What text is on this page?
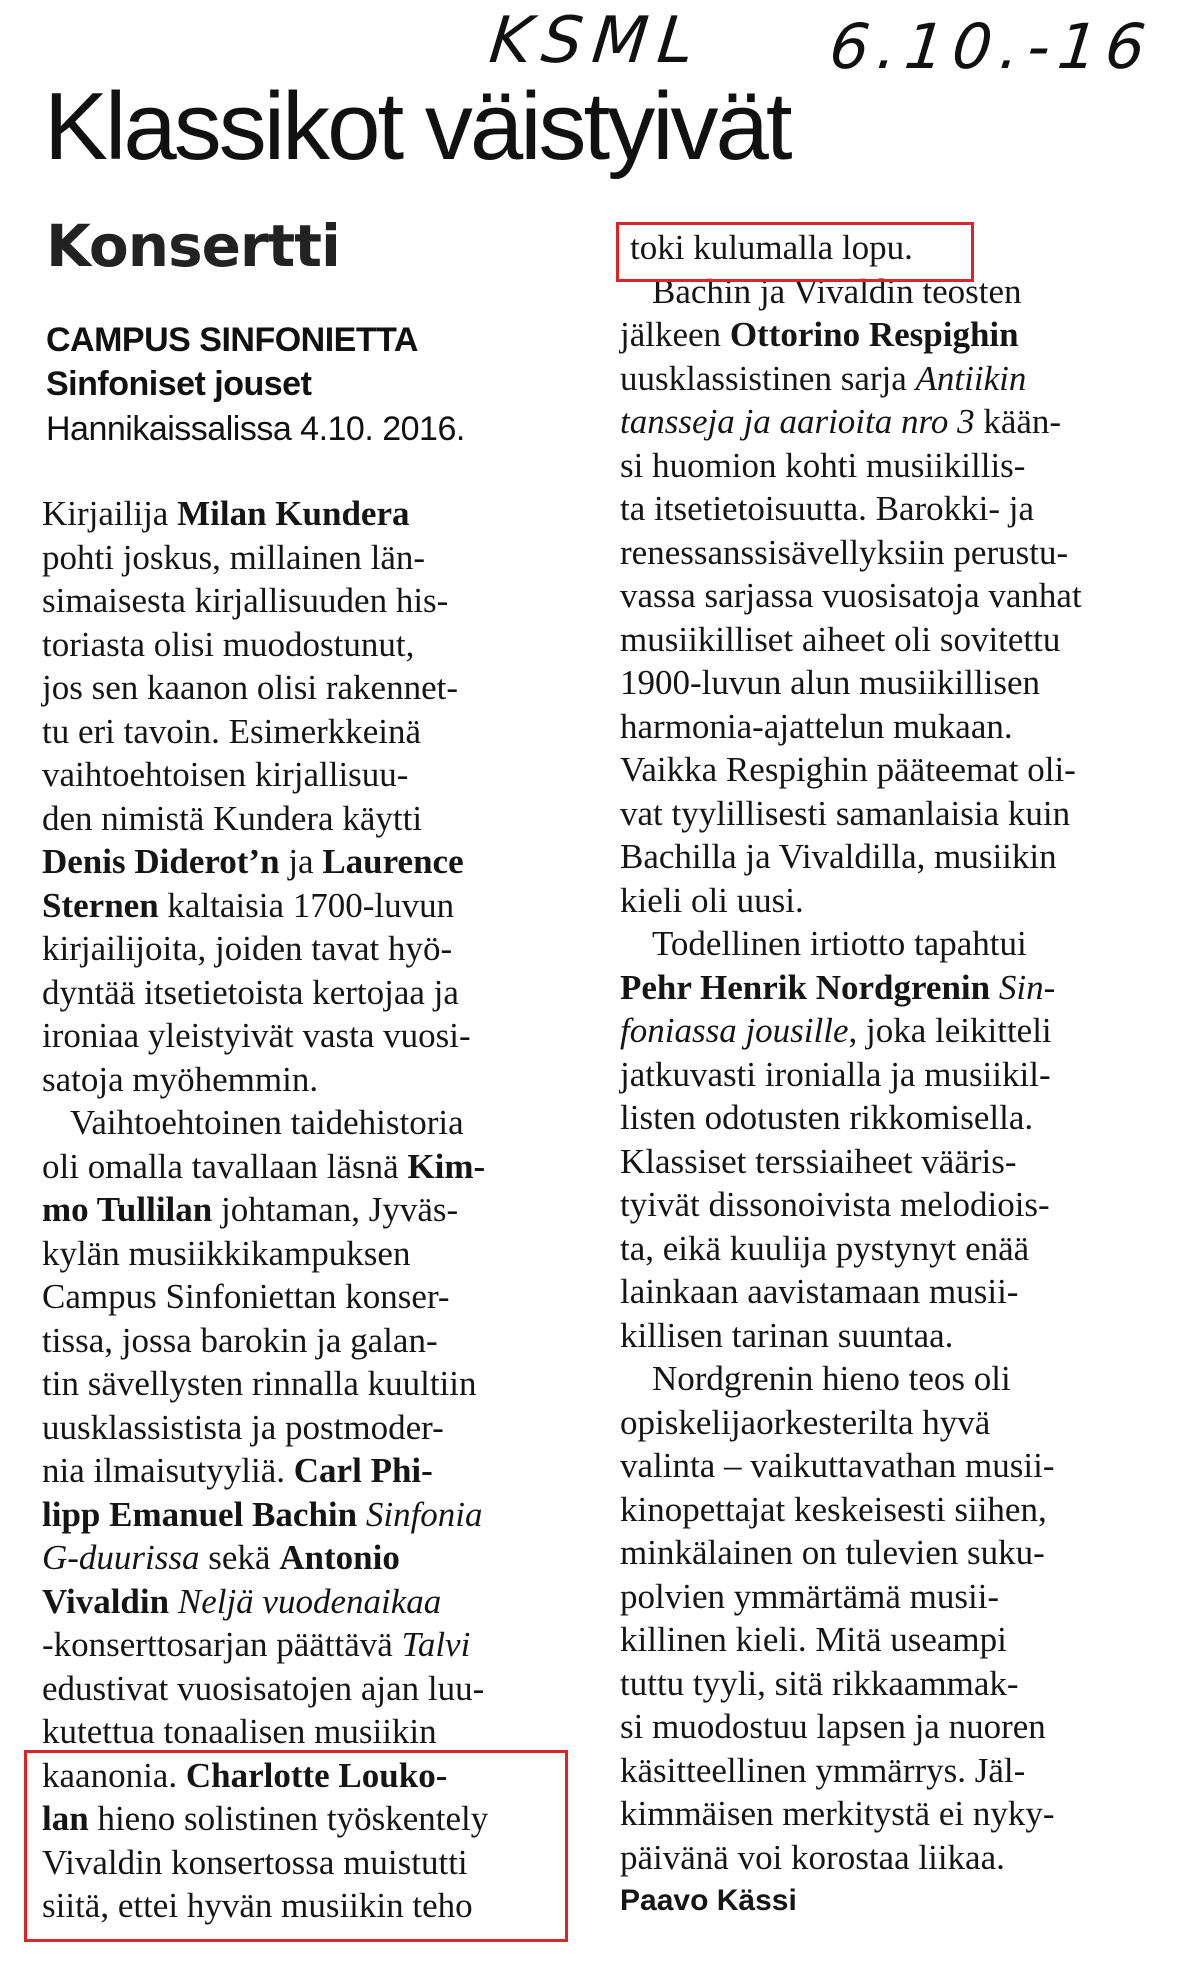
KSML 6.10.-16
Klassikot väistyivät
Konsertti
CAMPUS SINFONIETTA
Sinfoniset jouset
Hannikaissalissa 4.10. 2016.
Kirjailija Milan Kundera
pohti joskus, millainen län-
simaisesta kirjallisuuden his-
toriasta olisi muodostunut,
jos sen kaanon olisi rakennet-
tu eri tavoin. Esimerkkeinä
vaihtoehtoisen kirjallisuu-
den nimistä Kundera käytti
Denis Diderot’n ja Laurence
Sternen kaltaisia 1700-luvun
kirjailijoita, joiden tavat hyö-
dyntää itsetietoista kertojaa ja
ironiaa yleistyivät vasta vuosi-
satoja myöhemmin.
Vaihtoehtoinen taidehistoria
oli omalla tavallaan läsnä Kim-
mo Tullilan johtaman, Jyväs-
kylän musiikkikampuksen
Campus Sinfoniettan konser-
tissa, jossa barokin ja galan-
tin sävellysten rinnalla kuultiin
uusklassistista ja postmoder-
nia ilmaisutyyliä. Carl Phi-
lipp Emanuel Bachin Sinfonia
G-duurissa sekä Antonio
Vivaldin Neljä vuodenaikaa
-konserttosarjan päättävä Talvi
edustivat vuosisatojen ajan luu-
kutettua tonaalisen musiikin
kaanonia. Charlotte Louko-
lan hieno solistinen työskentely
Vivaldin konsertossa muistutti
siitä, ettei hyvän musiikin teho
toki kulumalla lopu.
Bachin ja Vivaldin teosten
jälkeen Ottorino Respighin
uusklassistinen sarja Antiikin
tansseja ja aarioita nro 3 kään-
si huomion kohti musiikillis-
ta itsetietoisuutta. Barokki- ja
renessanssisävellyksiin perustu-
vassa sarjassa vuosisatoja vanhat
musiikilliset aiheet oli sovitettu
1900-luvun alun musiikillisen
harmonia-ajattelun mukaan.
Vaikka Respighin pääteemat oli-
vat tyylillisesti samanlaisia kuin
Bachilla ja Vivaldilla, musiikin
kieli oli uusi.
Todellinen irtiotto tapahtui
Pehr Henrik Nordgrenin Sin-
foniassa jousille, joka leikitteli
jatkuvasti ironialla ja musiikil-
listen odotusten rikkomisella.
Klassiset terssiaiheet vääris-
tyivät dissonoivista melodiois-
ta, eikä kuulija pystynyt enää
lainkaan aavistamaan musii-
killisen tarinan suuntaa.
Nordgrenin hieno teos oli
opiskelijaorkesterilta hyvä
valinta – vaikuttavathan musii-
kinopettajat keskeisesti siihen,
minkälainen on tulevien suku-
polvien ymmärtämä musii-
killinen kieli. Mitä useampi
tuttu tyyli, sitä rikkaammak-
si muodostuu lapsen ja nuoren
käsitteellinen ymmärrys. Jäl-
kimmäisen merkitystä ei nyky-
päivänä voi korostaa liikaa.
Paavo Kässi
